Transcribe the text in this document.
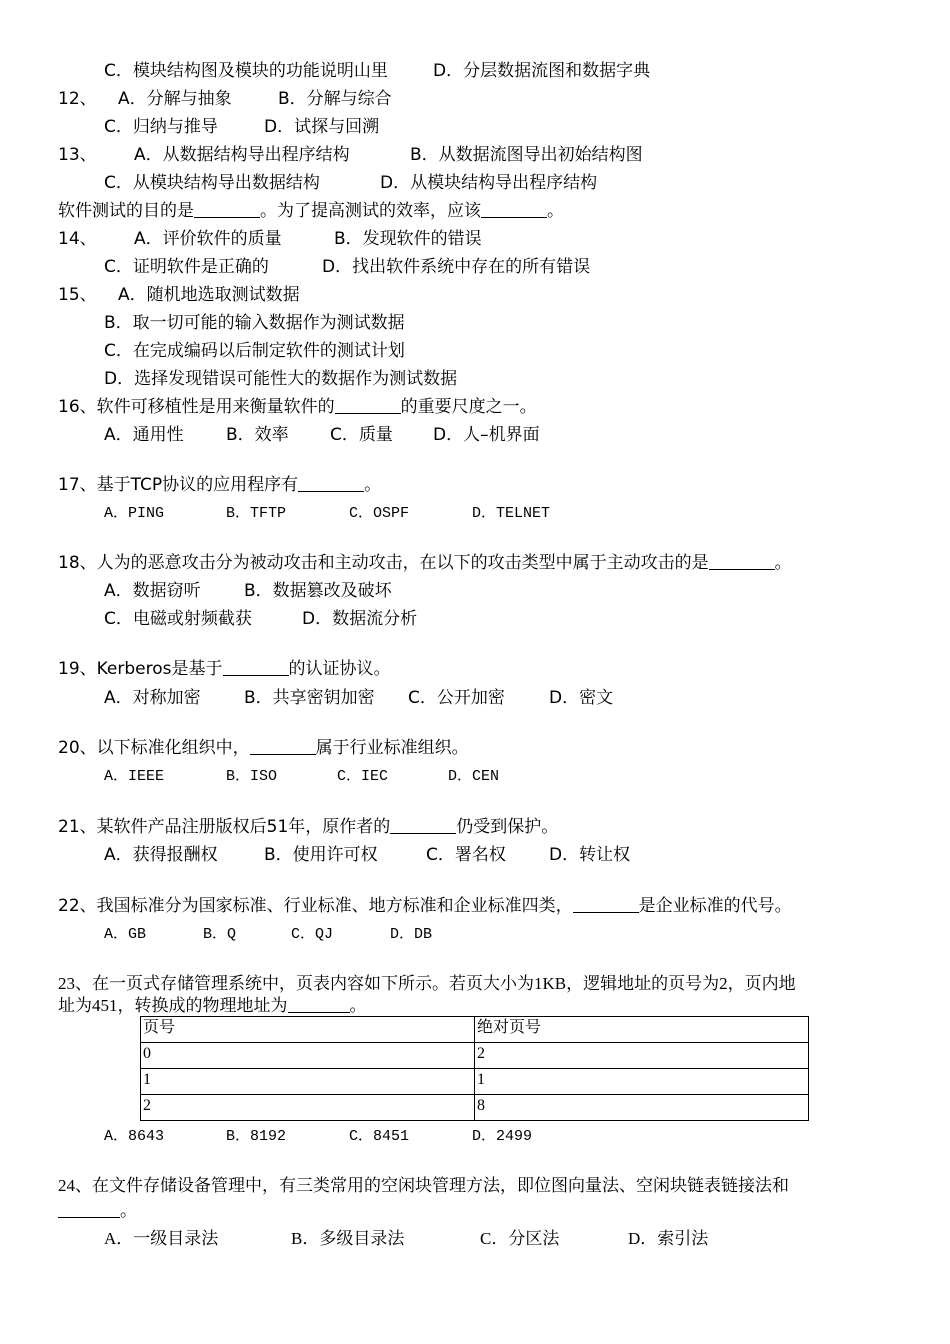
C．模块结构图及模块的功能说明山里	D．分层数据流图和数据字典
12、 A．分解与抽象	B．分解与综合
C．归纳与推导	D．试探与回溯
13、 A．从数据结构导出程序结构	B．从数据流图导出初始结构图
C．从模块结构导出数据结构	D．从模块结构导出程序结构
软件测试的目的是	。为了提高测试的效率，应该	。
14、 A．评价软件的质量	B．发现软件的错误
C．证明软件是正确的	D．找出软件系统中存在的所有错误
15、 A．随机地选取测试数据
B．取一切可能的输入数据作为测试数据
C．在完成编码以后制定软件的测试计划
D．选择发现错误可能性大的数据作为测试数据
16、软件可移植性是用来衡量软件的	的重要尺度之一。
A．通用性 B．效率 C．质量 D．人–机界面
17、基于TCP协议的应用程序有	。
A．PING	B．TFTP	C．OSPF	D．TELNET
18、人为的恶意攻击分为被动攻击和主动攻击，在以下的攻击类型中属于主动攻击的是	。
A．数据窃听	B．数据篡改及破坏
C．电磁或射频截获	D．数据流分析
19、Kerberos是基于	的认证协议。
A．对称加密	B．共享密钥加密 C．公开加密	D．密文
20、以下标准化组织中，	属于行业标准组织。
A．IEEE	B．ISO	C．IEC	D．CEN
21、某软件产品注册版权后51年，原作者的	仍受到保护。
A．获得报酬权	B．使用许可权	C．署名权	D．转让权
22、我国标准分为国家标准、行业标准、地方标准和企业标准四类，	是企业标准的代号。
A．GB	B．Q	C．QJ	D．DB
23、在一页式存储管理系统中，页表内容如下所示。若页大小为1KB，逻辑地址的页号为2，页内地
址为451，转换成的物理地址为	。
页号	绝对页号
0	2
1	1
2	8
A．8643	B．8192	C．8451	D．2499
24、在文件存储设备管理中，有三类常用的空闲块管理方法，即位图向量法、空闲块链表链接法和
。
A．一级目录法	B．多级目录法	C．分区法	D．索引法
